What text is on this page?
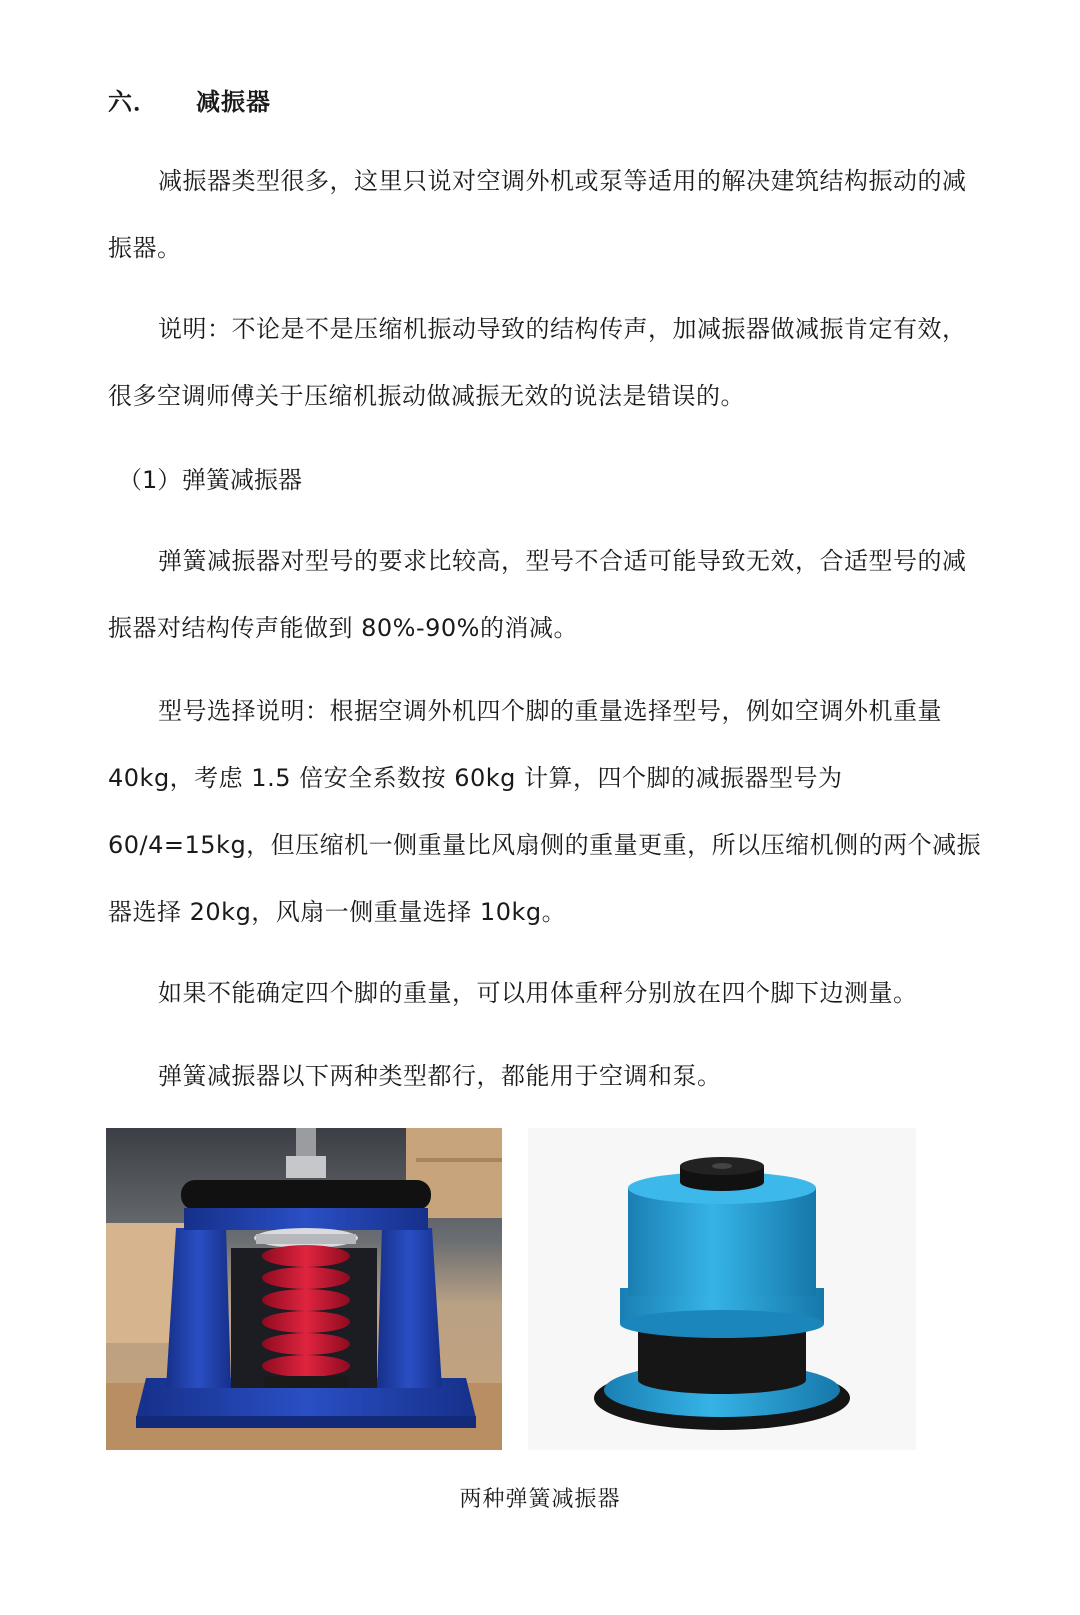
六． 减振器

减振器类型很多，这里只说对空调外机或泵等适用的解决建筑结构振动的减振器。

说明：不论是不是压缩机振动导致的结构传声，加减振器做减振肯定有效，很多空调师傅关于压缩机振动做减振无效的说法是错误的。

（1）弹簧减振器

弹簧减振器对型号的要求比较高，型号不合适可能导致无效，合适型号的减振器对结构传声能做到 80%-90%的消减。

型号选择说明：根据空调外机四个脚的重量选择型号，例如空调外机重量 40kg，考虑 1.5 倍安全系数按 60kg 计算，四个脚的减振器型号为 60/4=15kg，但压缩机一侧重量比风扇侧的重量更重，所以压缩机侧的两个减振器选择 20kg，风扇一侧重量选择 10kg。

如果不能确定四个脚的重量，可以用体重秤分别放在四个脚下边测量。

弹簧减振器以下两种类型都行，都能用于空调和泵。

两种弹簧减振器
